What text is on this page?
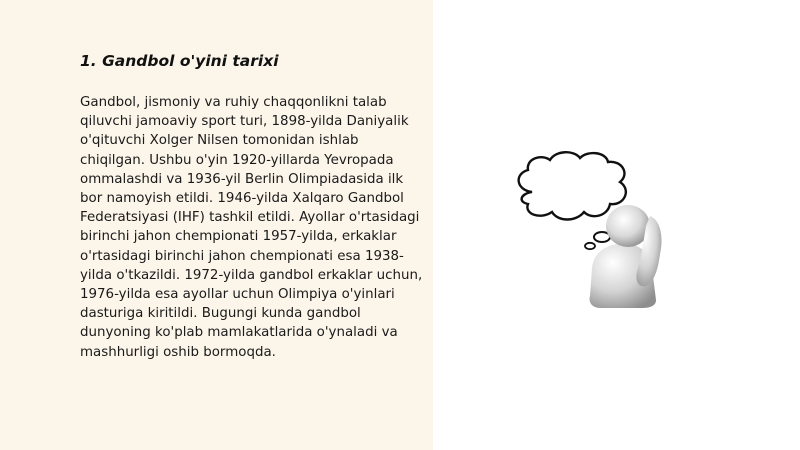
1. Gandbol o'yini tarixi

Gandbol, jismoniy va ruhiy chaqqonlikni talab qiluvchi jamoaviy sport turi, 1898-yilda Daniyalik o'qituvchi Xolger Nilsen tomonidan ishlab chiqilgan. Ushbu o'yin 1920-yillarda Yevropada ommalashdi va 1936-yil Berlin Olimpiadasida ilk bor namoyish etildi. 1946-yilda Xalqaro Gandbol Federatsiyasi (IHF) tashkil etildi. Ayollar o'rtasidagi birinchi jahon chempionati 1957-yilda, erkaklar o'rtasidagi birinchi jahon chempionati esa 1938-yilda o'tkazildi. 1972-yilda gandbol erkaklar uchun, 1976-yilda esa ayollar uchun Olimpiya o'yinlari dasturiga kiritildi. Bugungi kunda gandbol dunyoning ko'plab mamlakatlarida o'ynaladi va mashhurligi oshib bormoqda.
